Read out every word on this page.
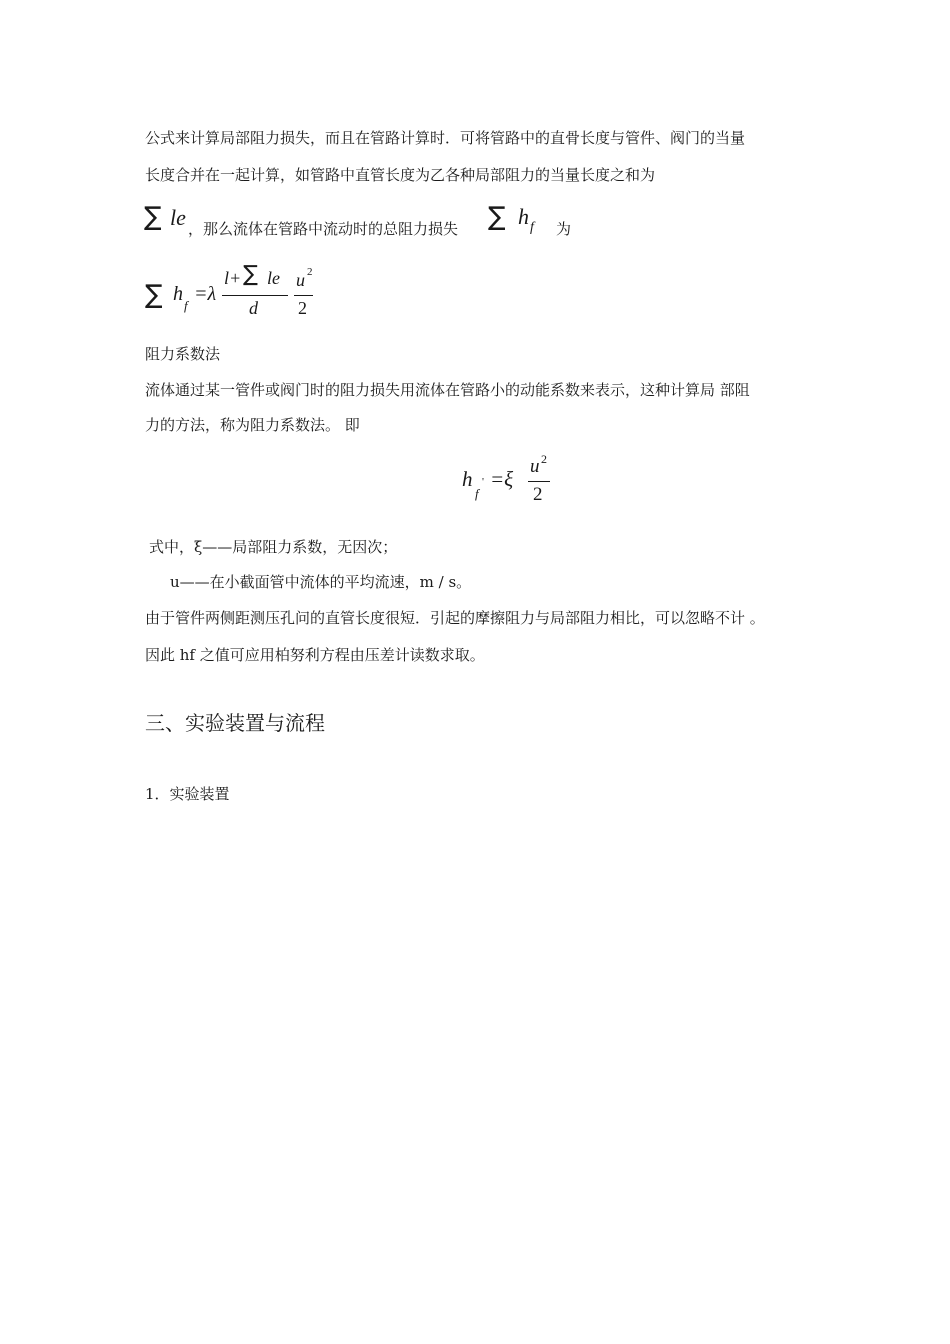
公式来计算局部阻力损失，而且在管路计算时．可将管路中的直骨长度与管件、阀门的当量
长度合并在一起计算，如管路中直管长度为乙各种局部阻力的当量长度之和为
∑ le ，那么流体在管路中流动时的总阻力损失 ∑ h f 为
∑ h
f
=λ
l+ ∑ le
d
u 2
2
阻力系数法
流体通过某一管件或阀门时的阻力损失用流体在管路小的动能系数来表示，这种计算局 部阻
力的方法，称为阻力系数法。 即
h
f
' =ξ
u 2
2
式中，ξ——局部阻力系数，无因次；
u——在小截面管中流体的平均流速，m / s。
由于管件两侧距测压孔问的直管长度很短．引起的摩擦阻力与局部阻力相比，可以忽略不计 。
因此 hf 之值可应用柏努利方程由压差计读数求取。
三、实验装置与流程
1．实验装置
